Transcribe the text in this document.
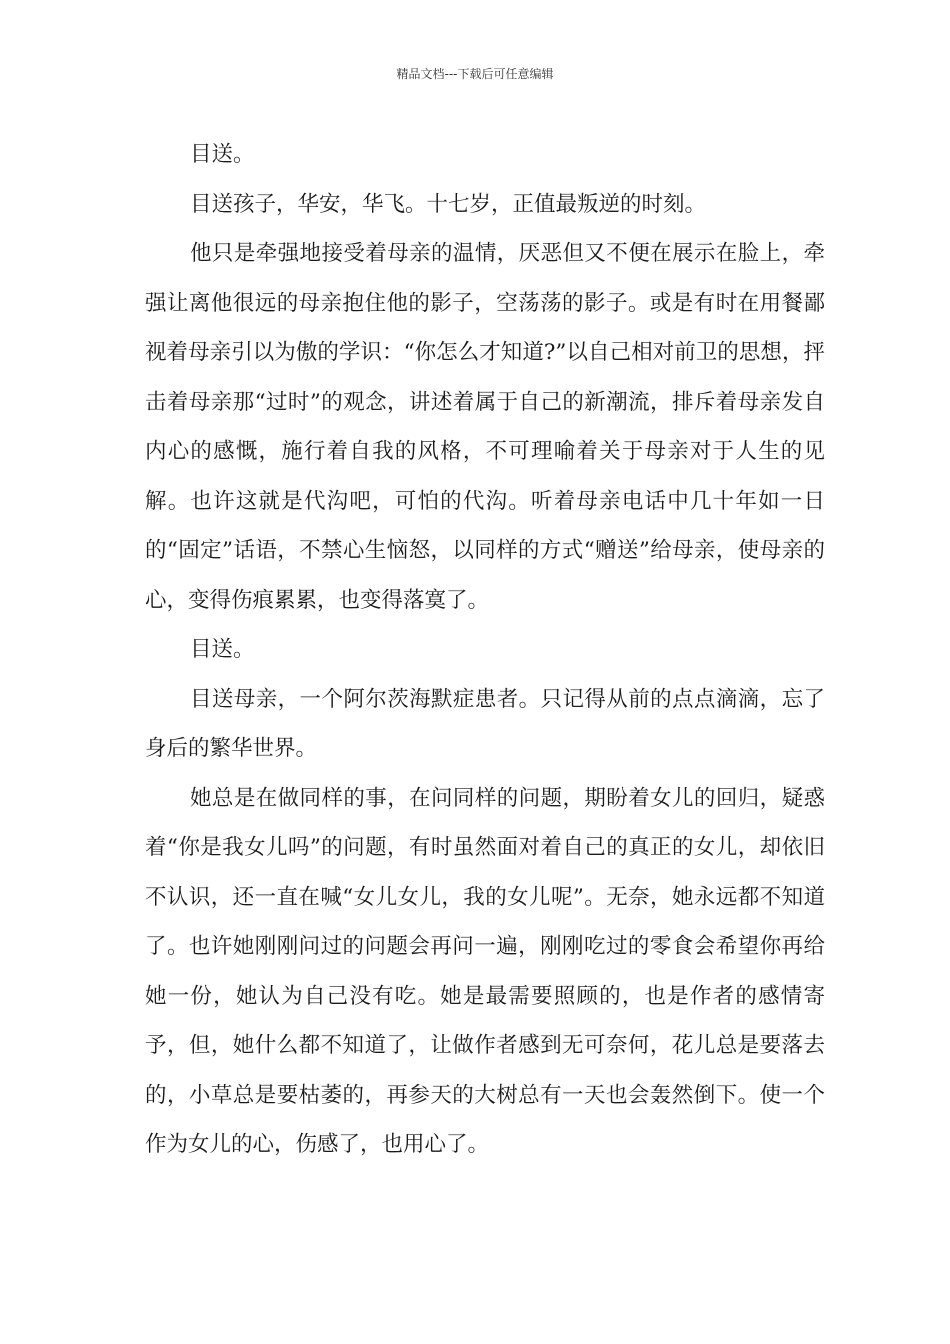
精品文档---下载后可任意编辑

目送。

目送孩子，华安，华飞。十七岁，正值最叛逆的时刻。

他只是牵强地接受着母亲的温情，厌恶但又不便在展示在脸上，牵强让离他很远的母亲抱住他的影子，空荡荡的影子。或是有时在用餐鄙视着母亲引以为傲的学识：“你怎么才知道?”以自己相对前卫的思想，抨击着母亲那“过时”的观念，讲述着属于自己的新潮流，排斥着母亲发自内心的感慨，施行着自我的风格，不可理喻着关于母亲对于人生的见解。也许这就是代沟吧，可怕的代沟。听着母亲电话中几十年如一日的“固定”话语，不禁心生恼怒，以同样的方式“赠送”给母亲，使母亲的心，变得伤痕累累，也变得落寞了。

目送。

目送母亲，一个阿尔茨海默症患者。只记得从前的点点滴滴，忘了身后的繁华世界。

她总是在做同样的事，在问同样的问题，期盼着女儿的回归，疑惑着“你是我女儿吗”的问题，有时虽然面对着自己的真正的女儿，却依旧不认识，还一直在喊“女儿女儿，我的女儿呢”。无奈，她永远都不知道了。也许她刚刚问过的问题会再问一遍，刚刚吃过的零食会希望你再给她一份，她认为自己没有吃。她是最需要照顾的，也是作者的感情寄予，但，她什么都不知道了，让做作者感到无可奈何，花儿总是要落去的，小草总是要枯萎的，再参天的大树总有一天也会轰然倒下。使一个作为女儿的心，伤感了，也用心了。
